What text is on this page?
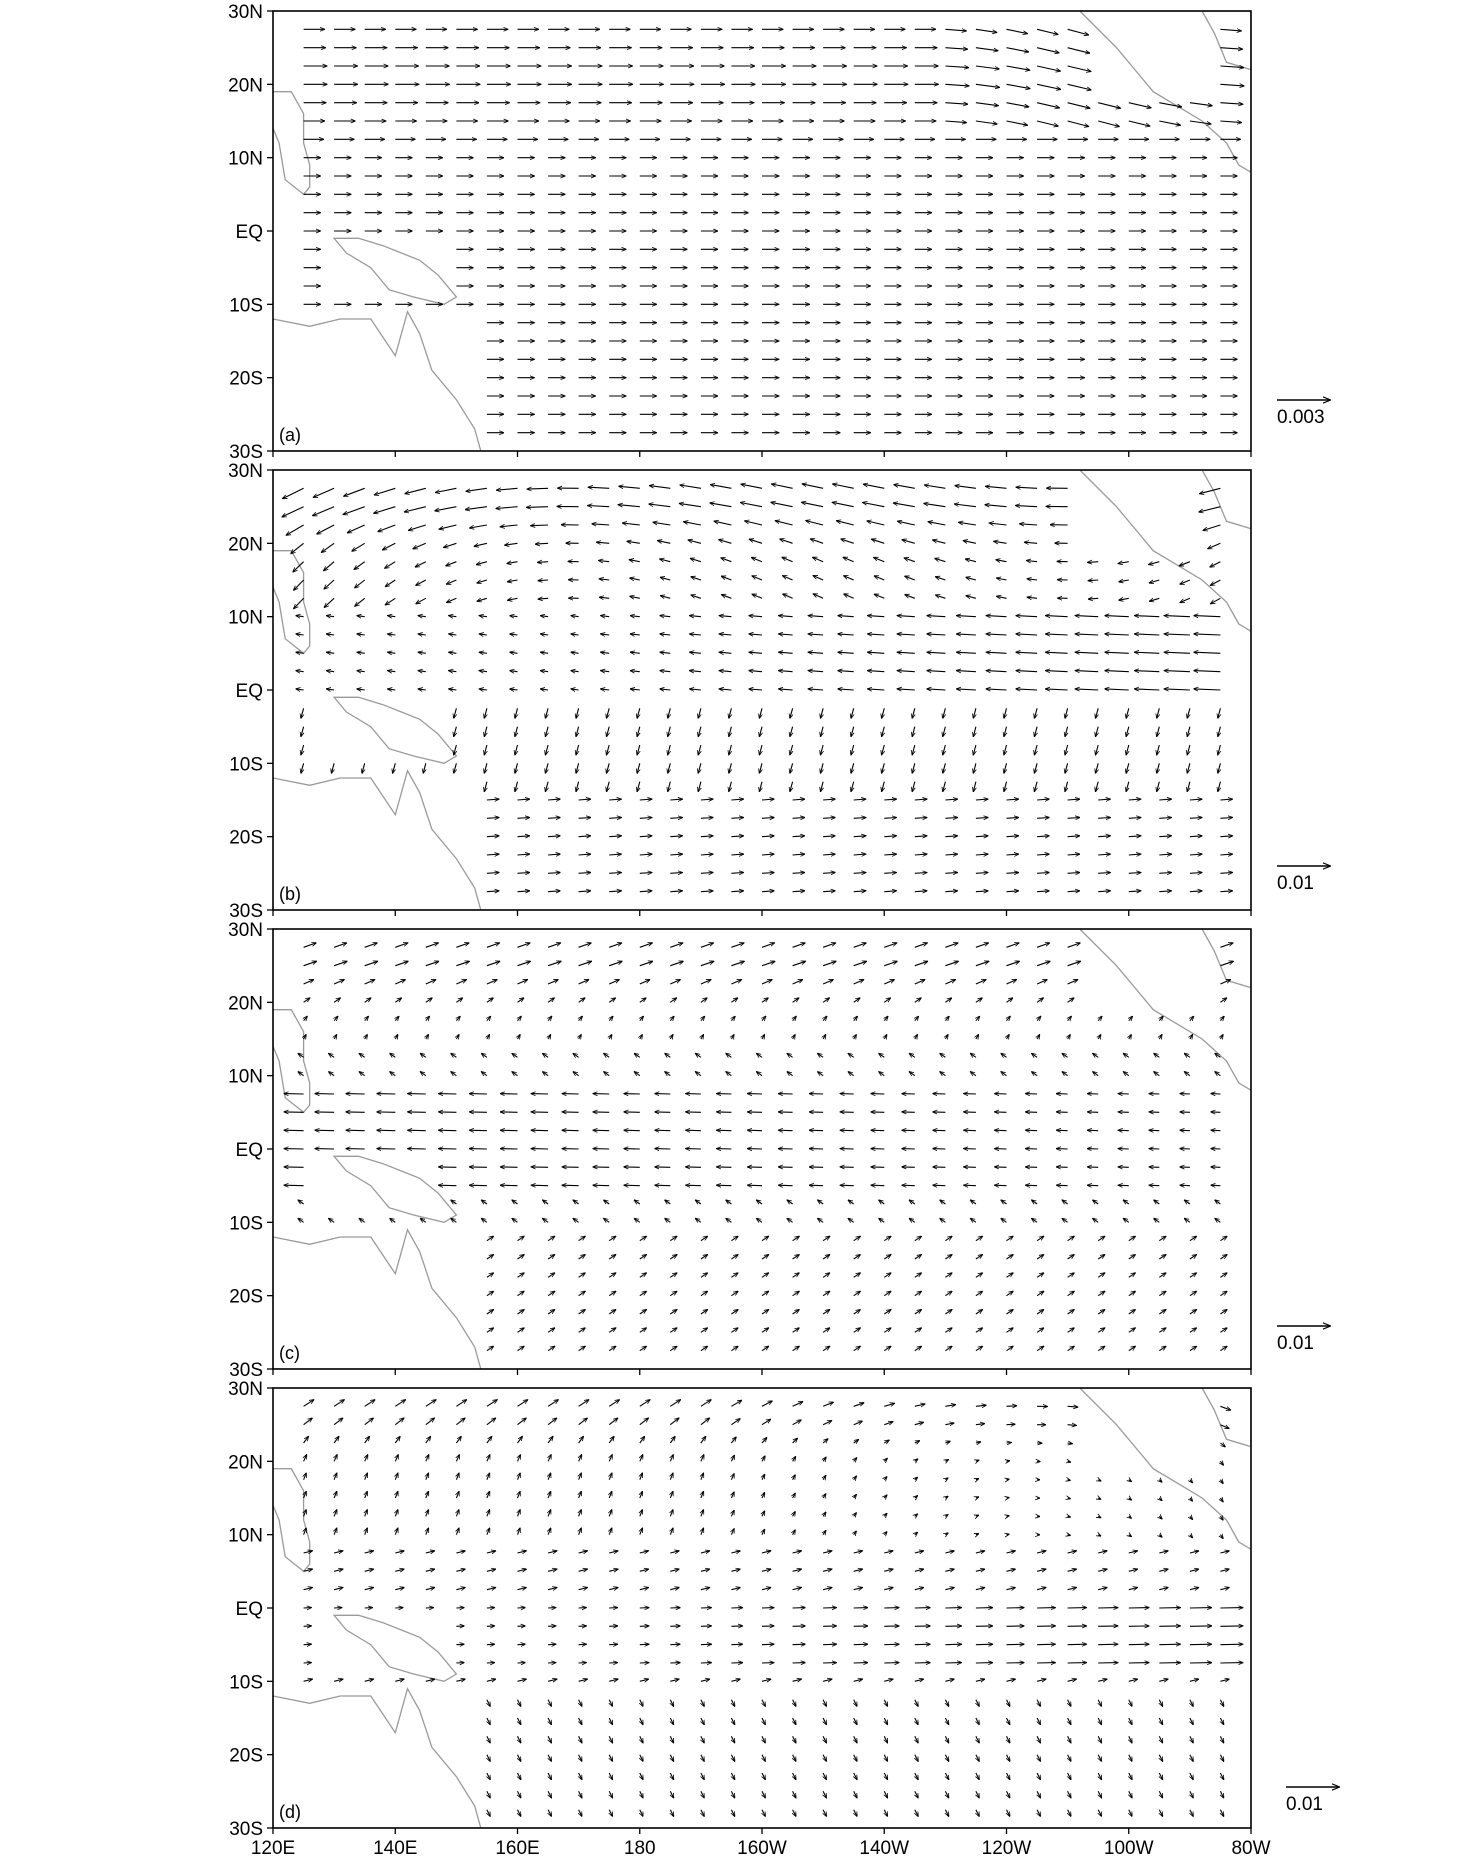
30N
20N
10N
EQ
10S
20S
30S
(a)
0.003
30N
20N
10N
EQ
10S
20S
30S
(b)	0.01
30N
20N
10N
EQ
10S
20S
30S
(c)	0.01
30N
20N
10N
EQ
10S
20S
30S
120E	140E	160E	180	160W	140W	120W	100W	80W
(d)	0.01
